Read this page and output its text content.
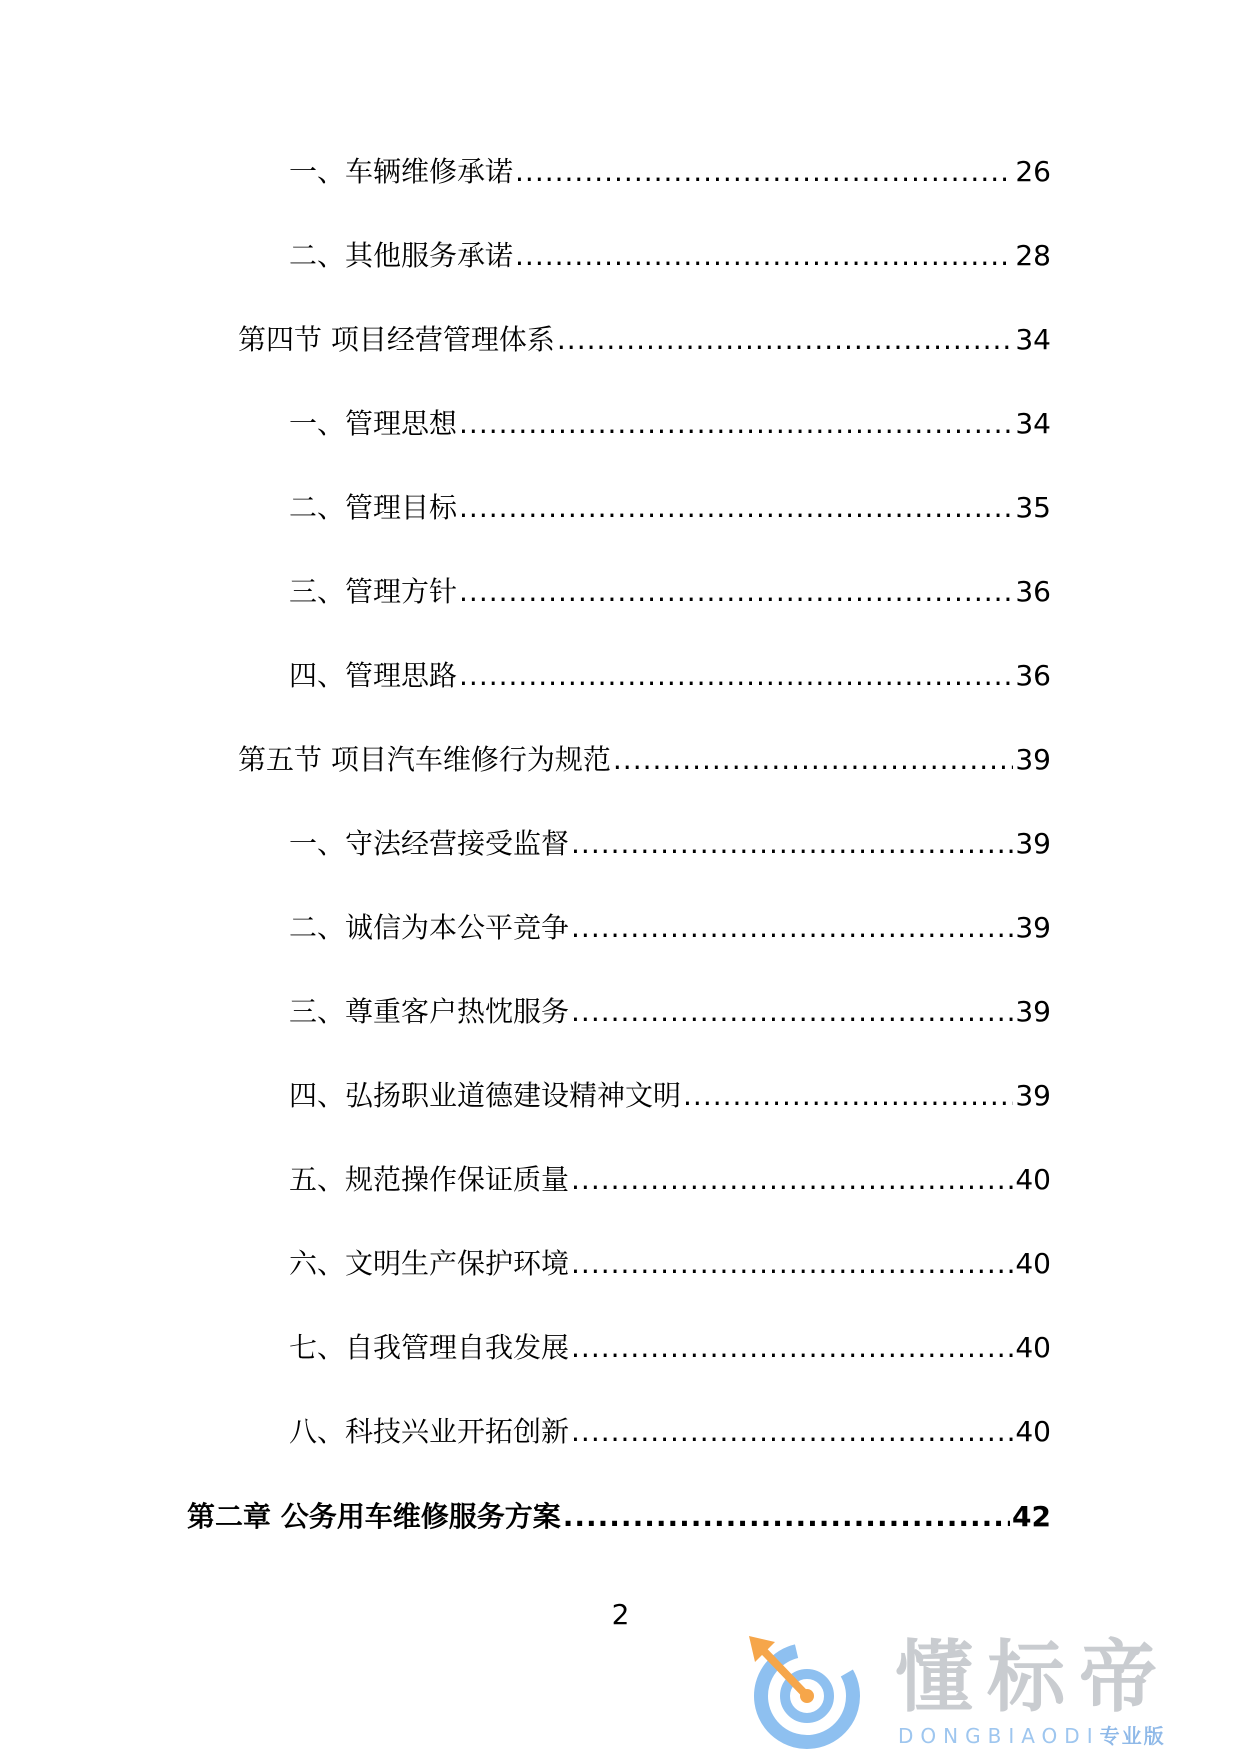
一、车辆维修承诺 .....	26
二、其他服务承诺 .....	28
第四节 项目经营管理体系 .....	34
一、管理思想 .....	34
二、管理目标 .....	35
三、管理方针 .....	36
四、管理思路 .....	36
第五节 项目汽车维修行为规范 .....	39
一、守法经营接受监督 .....	39
二、诚信为本公平竞争 .....	39
三、尊重客户热忱服务 .....	39
四、弘扬职业道德建设精神文明 .....	39
五、规范操作保证质量 .....	40
六、文明生产保护环境 .....	40
七、自我管理自我发展 .....	40
八、科技兴业开拓创新 .....	40
第二章 公务用车维修服务方案 .....	42
2
懂标帝
DONGBIAODI专业版
